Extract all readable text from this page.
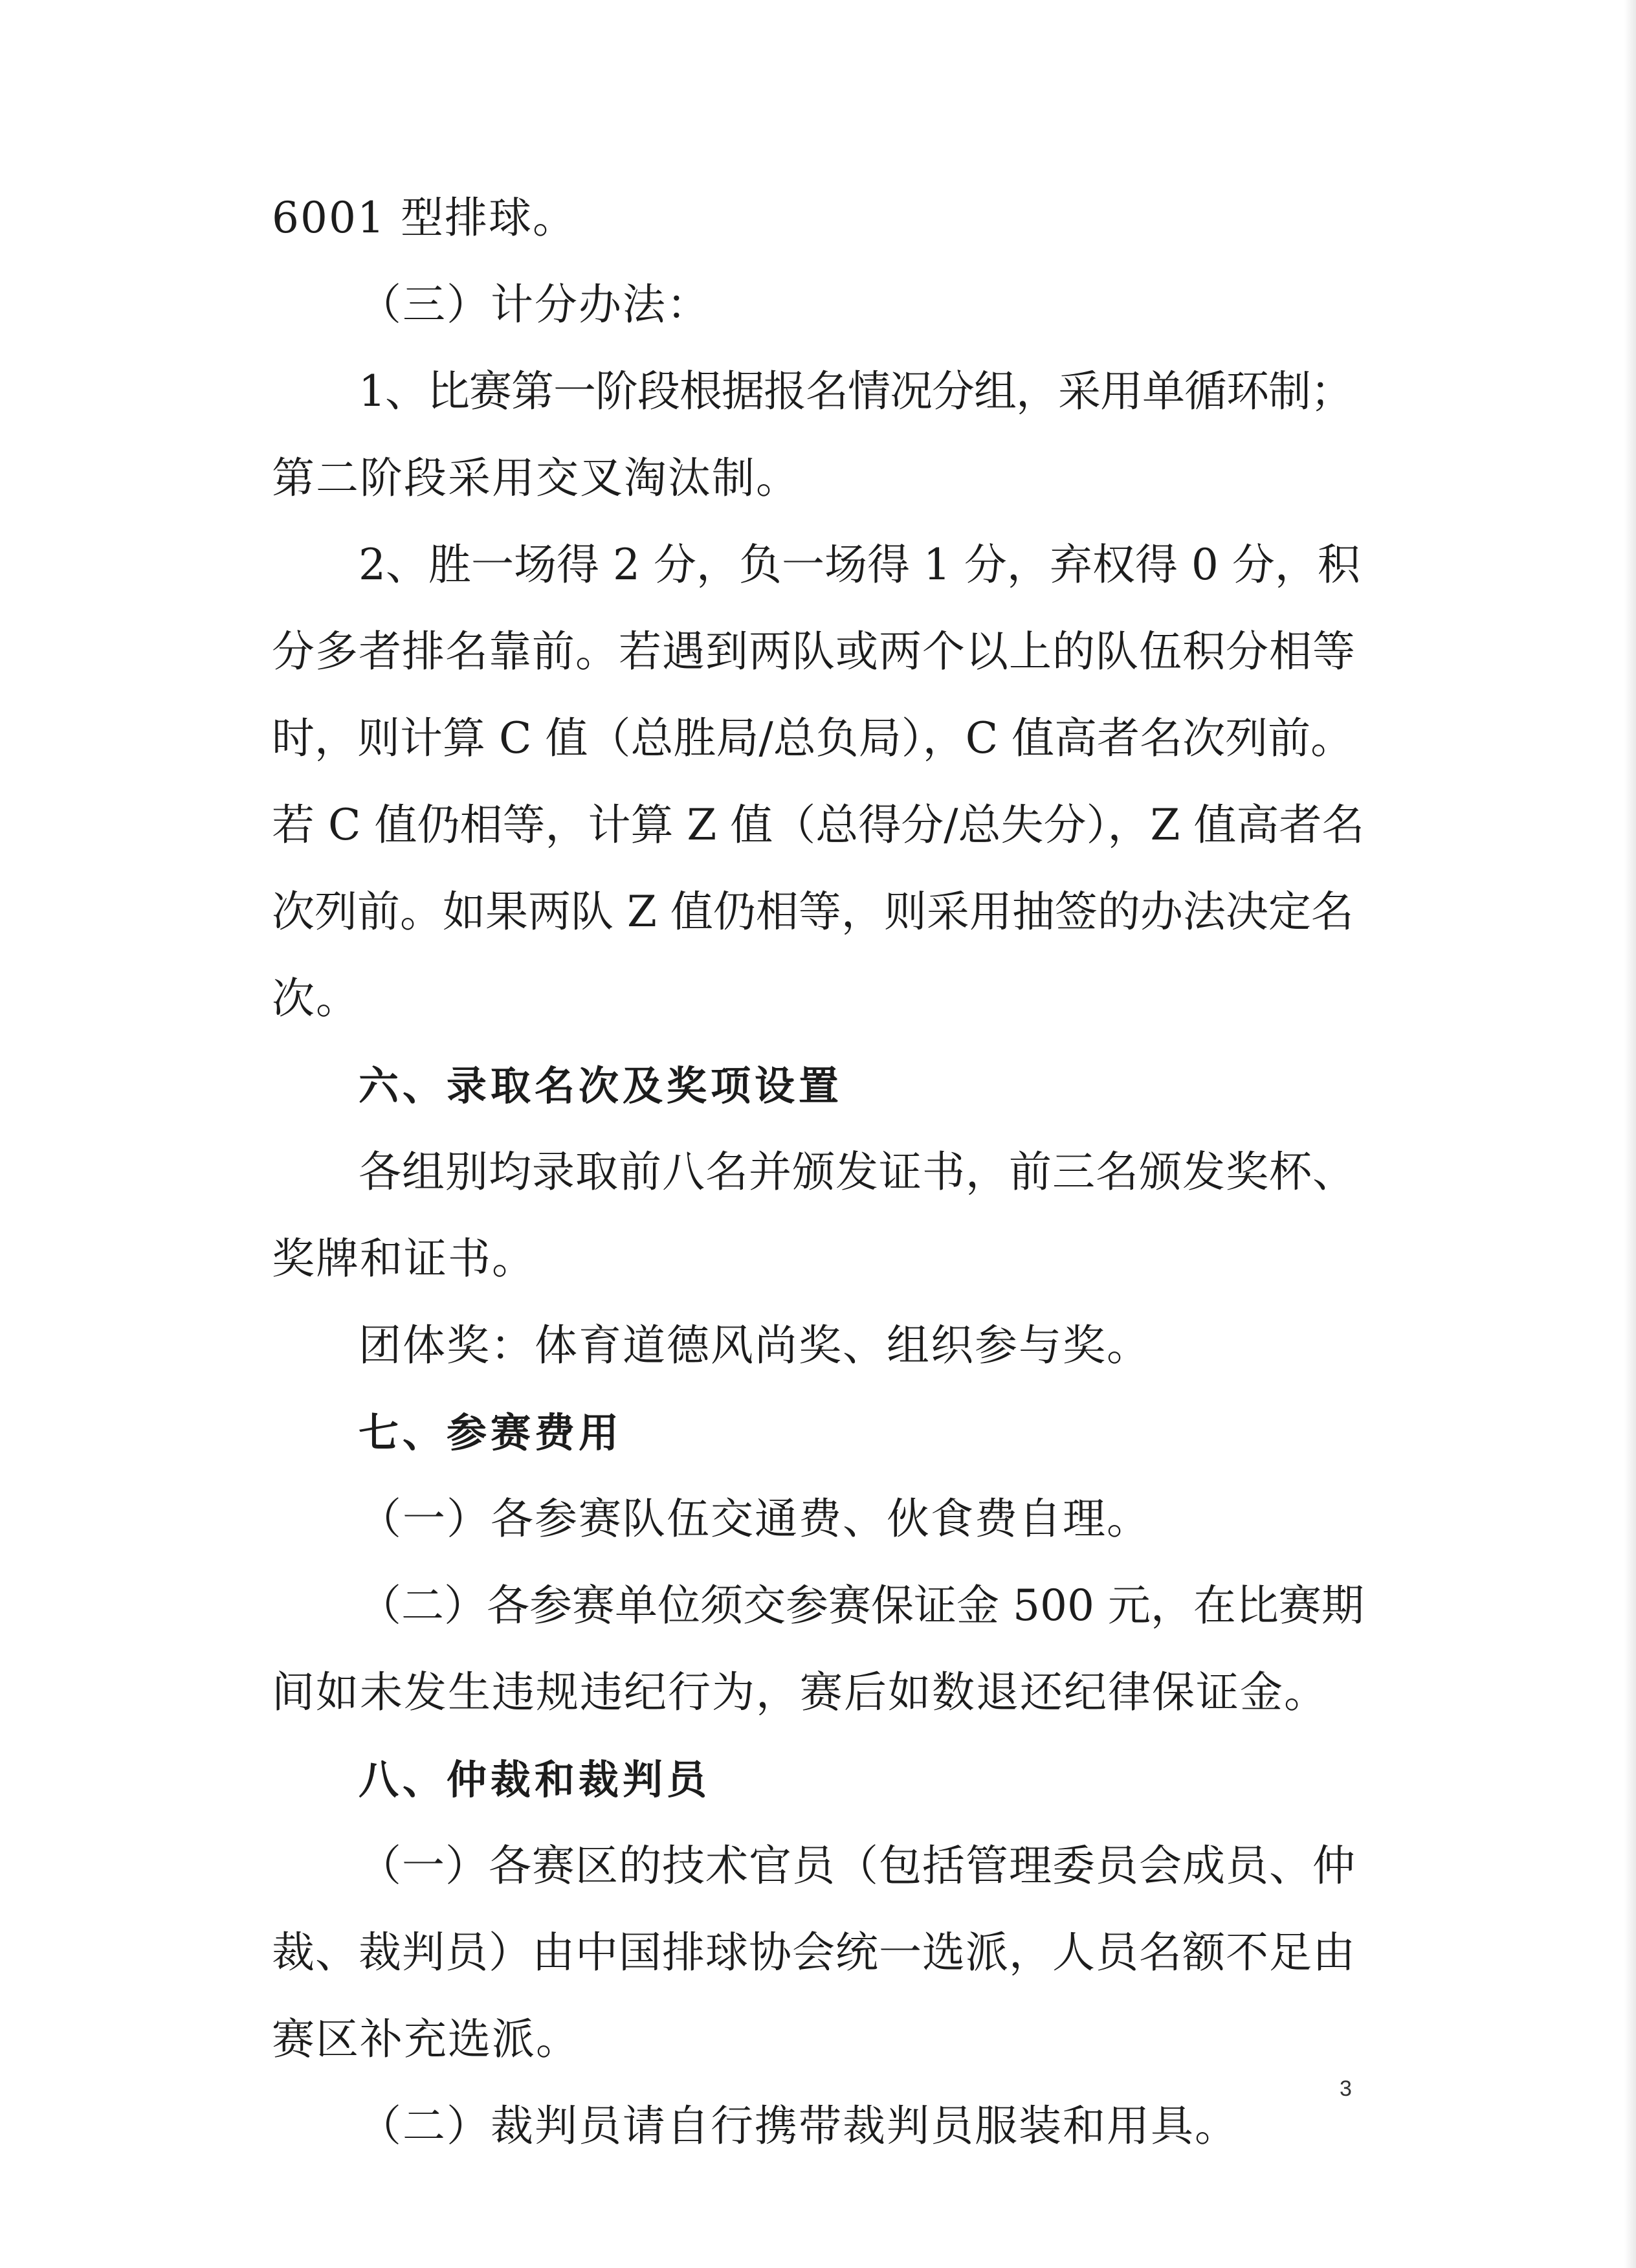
6001 型排球。
（三）计分办法：
1、比赛第一阶段根据报名情况分组，采用单循环制；
第二阶段采用交叉淘汰制。
2、胜一场得 2 分，负一场得 1 分，弃权得 0 分，积
分多者排名靠前。若遇到两队或两个以上的队伍积分相等
时，则计算 C 值（总胜局/总负局），C 值高者名次列前。
若 C 值仍相等，计算 Z 值（总得分/总失分），Z 值高者名
次列前。如果两队 Z 值仍相等，则采用抽签的办法决定名
次。
六、录取名次及奖项设置
各组别均录取前八名并颁发证书，前三名颁发奖杯、
奖牌和证书。
团体奖：体育道德风尚奖、组织参与奖。
七、参赛费用
（一）各参赛队伍交通费、伙食费自理。
（二）各参赛单位须交参赛保证金 500 元，在比赛期
间如未发生违规违纪行为，赛后如数退还纪律保证金。
八、仲裁和裁判员
（一）各赛区的技术官员（包括管理委员会成员、仲
裁、裁判员）由中国排球协会统一选派，人员名额不足由
赛区补充选派。
（二）裁判员请自行携带裁判员服装和用具。
3
